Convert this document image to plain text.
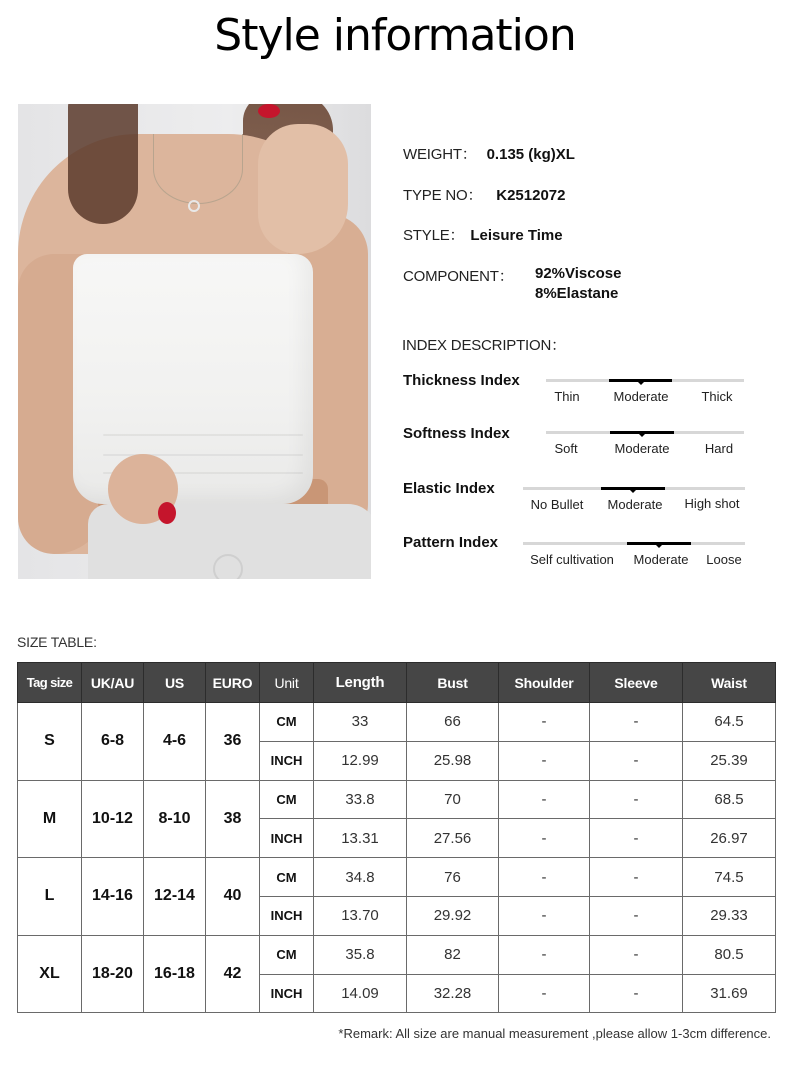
Style information
WEIGHT： 0.135 (kg)XL
TYPE NO： K2512072
STYLE： Leisure Time
COMPONENT： 92%Viscose
8%Elastane
INDEX DESCRIPTION：
Thickness Index
Thin	Moderate	Thick
Softness Index
Soft	Moderate	Hard
Elastic Index
No Bullet Moderate High shot
Pattern Index
Self cultivation Moderate Loose
SIZE TABLE:
Tag size	UK/AU	US	EURO	Unit	Length	Bust	Shoulder	Sleeve	Waist
S	6-8	4-6	36	CM	33	66	-	-	64.5
				INCH	12.99	25.98	-	-	25.39
M	10-12	8-10	38	CM	33.8	70	-	-	68.5
				INCH	13.31	27.56	-	-	26.97
L	14-16	12-14	40	CM	34.8	76	-	-	74.5
				INCH	13.70	29.92	-	-	29.33
XL	18-20	16-18	42	CM	35.8	82	-	-	80.5
				INCH	14.09	32.28	-	-	31.69
*Remark: All size are manual measurement ,please allow 1-3cm difference.
